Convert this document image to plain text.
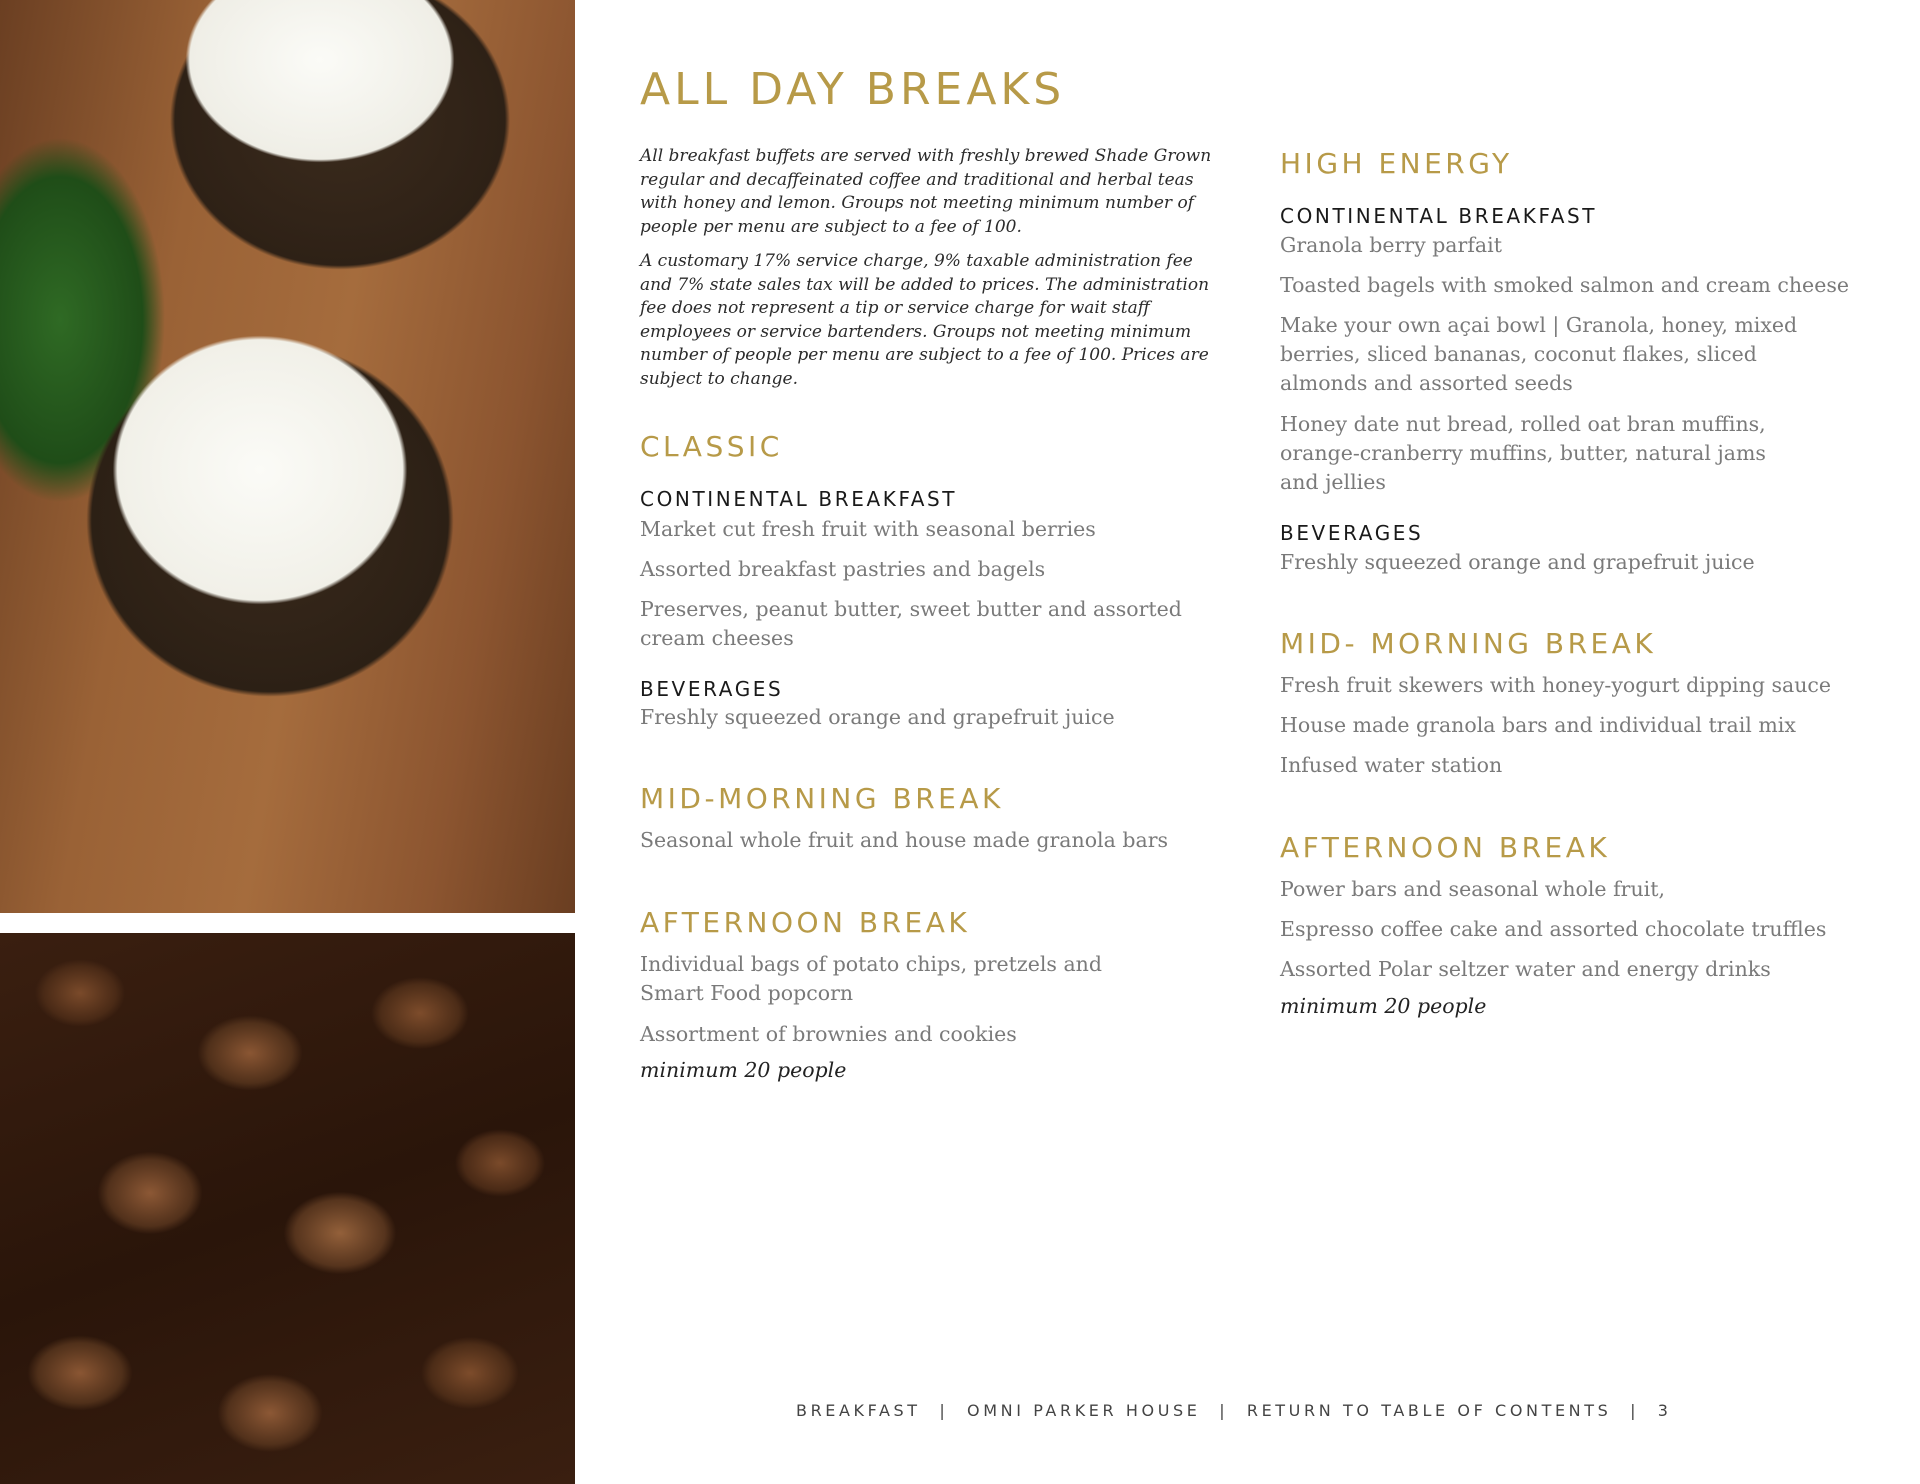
ALL DAY BREAKS

All breakfast buffets are served with freshly brewed Shade Grown regular and decaffeinated coffee and traditional and herbal teas with honey and lemon. Groups not meeting minimum number of people per menu are subject to a fee of 100.

A customary 17% service charge, 9% taxable administration fee and 7% state sales tax will be added to prices. The administration fee does not represent a tip or service charge for wait staff employees or service bartenders. Groups not meeting minimum number of people per menu are subject to a fee of 100. Prices are subject to change.

CLASSIC
CONTINENTAL BREAKFAST

Market cut fresh fruit with seasonal berries

Assorted breakfast pastries and bagels

Preserves, peanut butter, sweet butter and assorted
cream cheeses

BEVERAGES

Freshly squeezed orange and grapefruit juice

MID-MORNING BREAK

Seasonal whole fruit and house made granola bars

AFTERNOON BREAK

Individual bags of potato chips, pretzels and
Smart Food popcorn

Assortment of brownies and cookies

minimum 20 people

HIGH ENERGY
CONTINENTAL BREAKFAST

Granola berry parfait

Toasted bagels with smoked salmon and cream cheese

Make your own açai bowl | Granola, honey, mixed
berries, sliced bananas, coconut flakes, sliced
almonds and assorted seeds

Honey date nut bread, rolled oat bran muffins,
orange-cranberry muffins, butter, natural jams
and jellies

BEVERAGES

Freshly squeezed orange and grapefruit juice

MID- MORNING BREAK

Fresh fruit skewers with honey-yogurt dipping sauce

House made granola bars and individual trail mix

Infused water station

AFTERNOON BREAK

Power bars and seasonal whole fruit,

Espresso coffee cake and assorted chocolate truffles

Assorted Polar seltzer water and energy drinks

minimum 20 people

BREAKFAST | OMNI PARKER HOUSE | RETURN TO TABLE OF CONTENTS | 3
